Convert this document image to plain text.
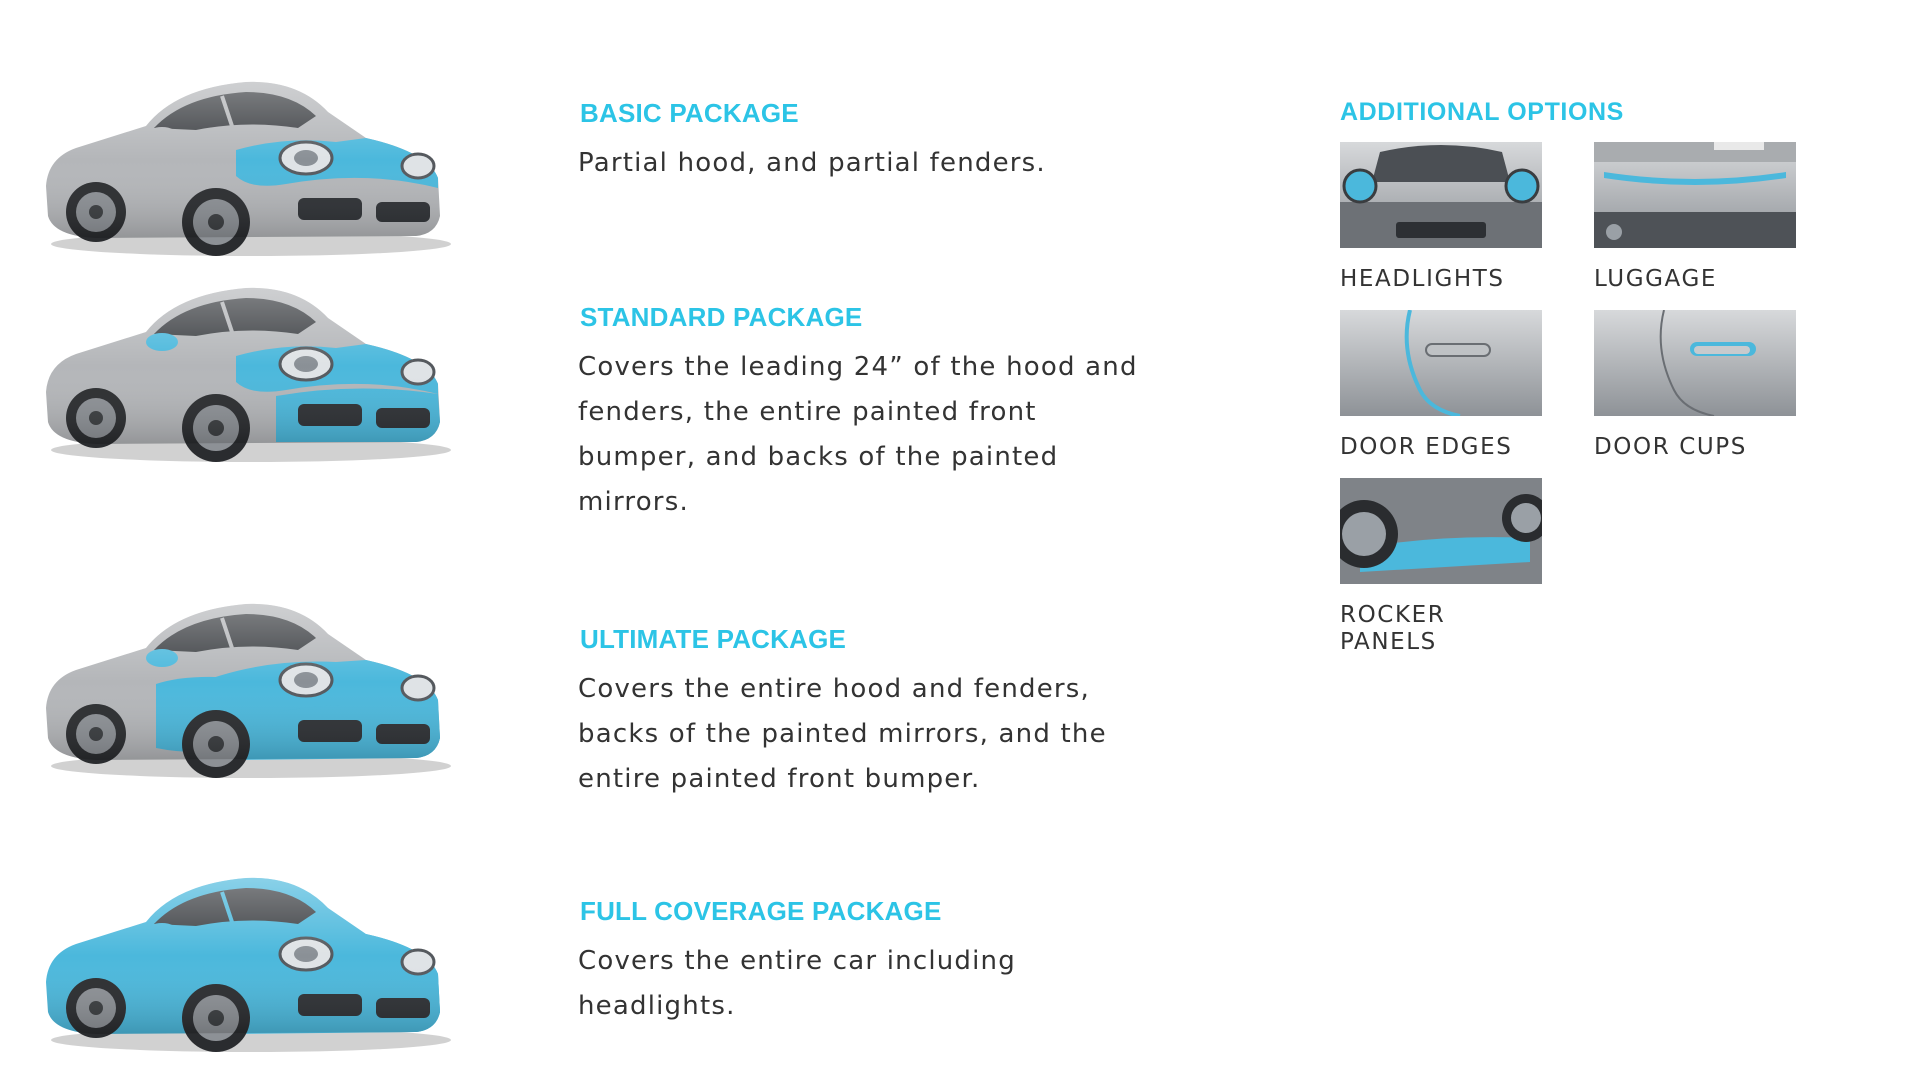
BASIC PACKAGE

Partial hood, and partial fenders.

STANDARD PACKAGE

Covers the leading 24” of the hood and fenders, the entire painted front bumper, and backs of the painted mirrors.

ULTIMATE PACKAGE

Covers the entire hood and fenders, backs of the painted mirrors, and the entire painted front bumper.

FULL COVERAGE PACKAGE

Covers the entire car including headlights.

ADDITIONAL OPTIONS
HEADLIGHTS	LUGGAGE
DOOR EDGES	DOOR CUPS
ROCKER
PANELS
